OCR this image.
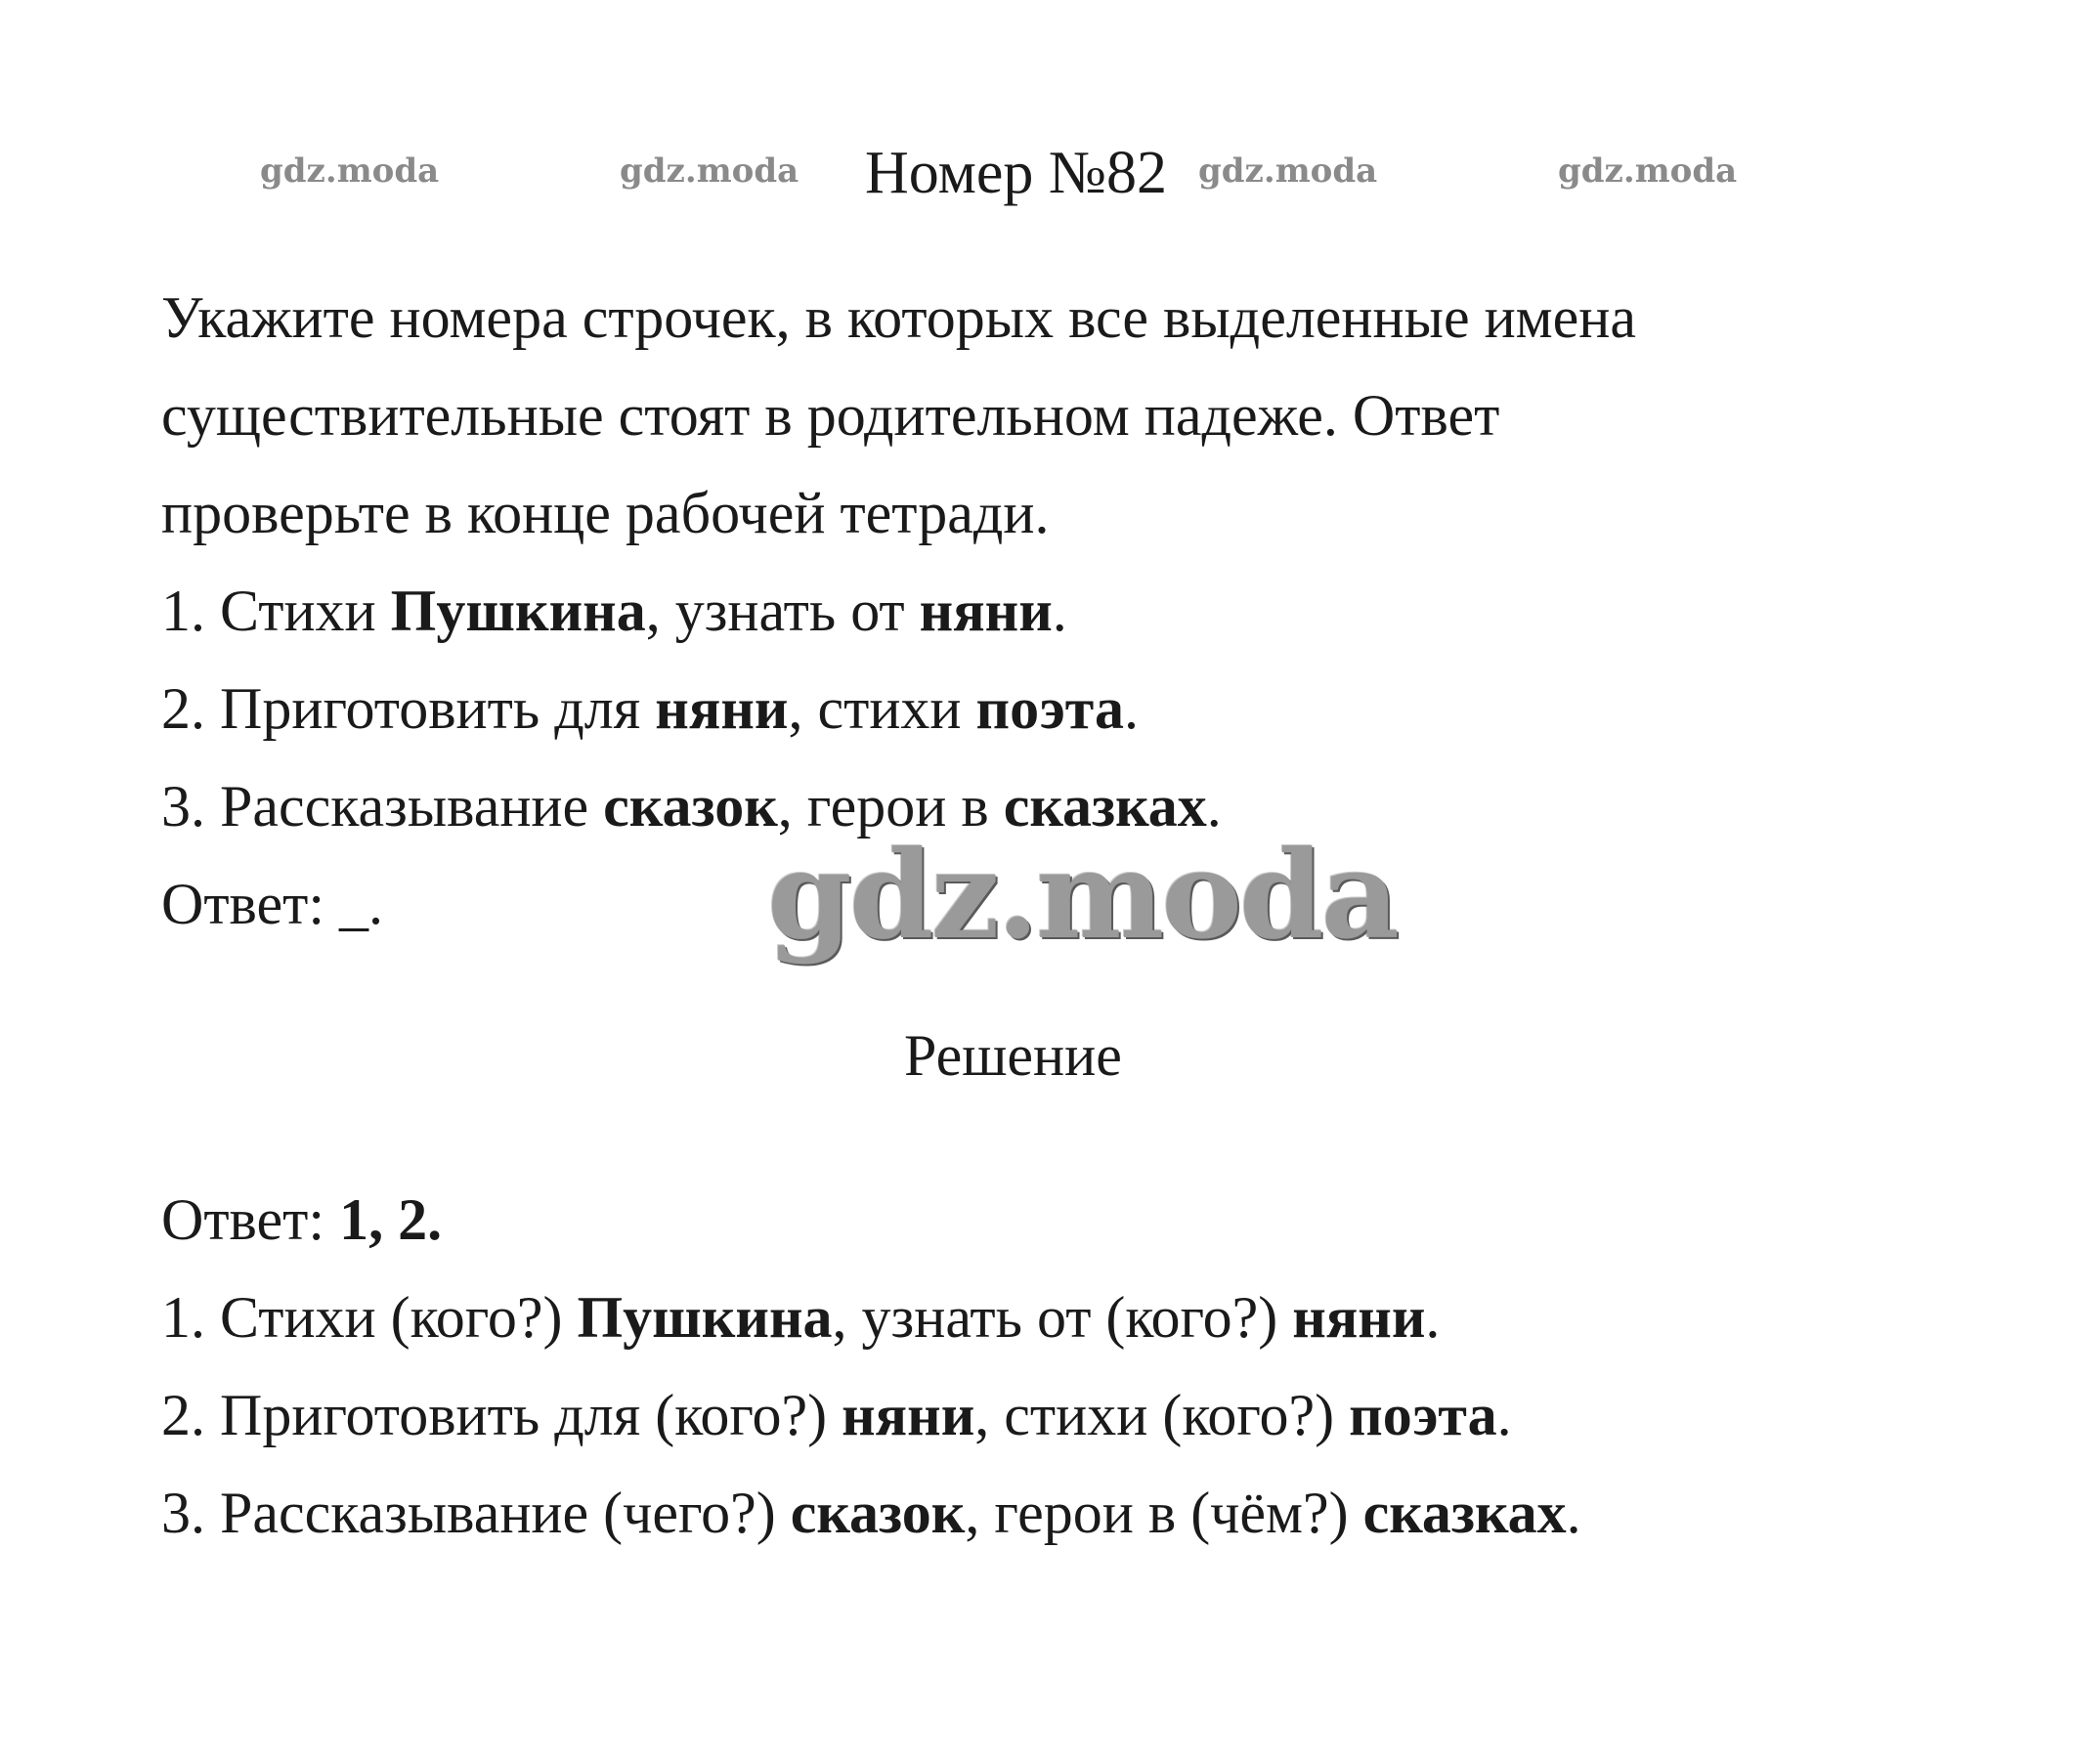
gdz.moda	gdz.moda	gdz.moda	gdz.moda
Номер №82
Укажите номера строчек, в которых все выделенные имена
существительные стоят в родительном падеже. Ответ
проверьте в конце рабочей тетради.
1. Стихи Пушкина, узнать от няни.
2. Приготовить для няни, стихи поэта.
3. Рассказывание сказок, герои в сказках.
Ответ: _.	gdz.moda
Решение
Ответ: 1, 2.
1. Стихи (кого?) Пушкина, узнать от (кого?) няни.
2. Приготовить для (кого?) няни, стихи (кого?) поэта.
3. Рассказывание (чего?) сказок, герои в (чём?) сказках.
